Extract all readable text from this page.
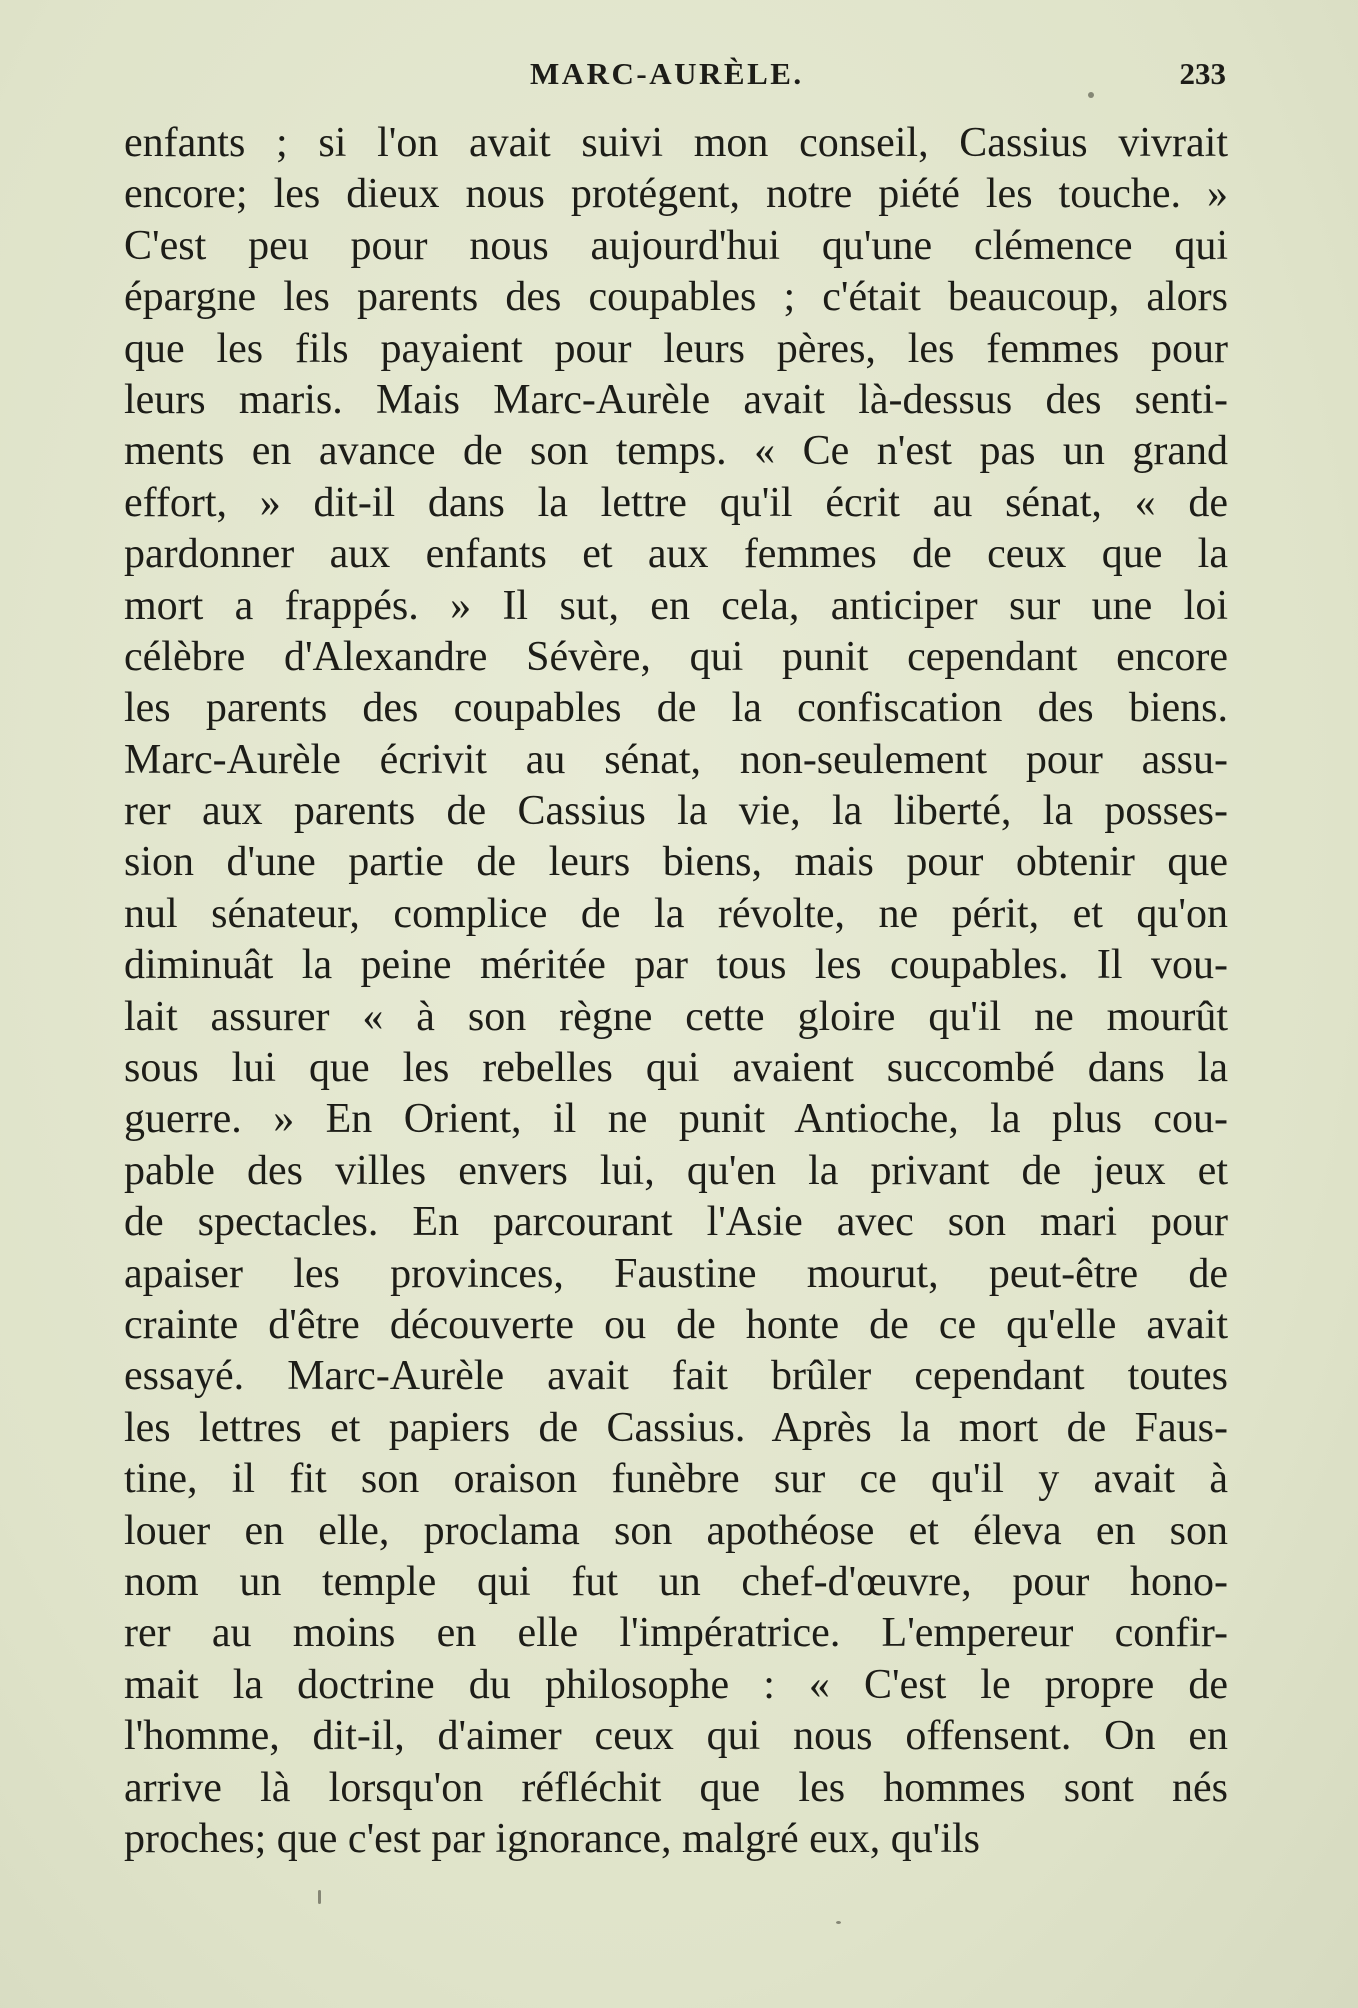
MARC-AURÈLE.	233
enfants ; si l'on avait suivi mon conseil, Cassius vivrait
encore; les dieux nous protégent, notre piété les touche. »
C'est peu pour nous aujourd'hui qu'une clémence qui
épargne les parents des coupables ; c'était beaucoup, alors
que les fils payaient pour leurs pères, les femmes pour
leurs maris. Mais Marc-Aurèle avait là-dessus des senti-
ments en avance de son temps. « Ce n'est pas un grand
effort, » dit-il dans la lettre qu'il écrit au sénat, « de
pardonner aux enfants et aux femmes de ceux que la
mort a frappés. » Il sut, en cela, anticiper sur une loi
célèbre d'Alexandre Sévère, qui punit cependant encore
les parents des coupables de la confiscation des biens.
Marc-Aurèle écrivit au sénat, non-seulement pour assu-
rer aux parents de Cassius la vie, la liberté, la posses-
sion d'une partie de leurs biens, mais pour obtenir que
nul sénateur, complice de la révolte, ne périt, et qu'on
diminuât la peine méritée par tous les coupables. Il vou-
lait assurer « à son règne cette gloire qu'il ne mourût
sous lui que les rebelles qui avaient succombé dans la
guerre. » En Orient, il ne punit Antioche, la plus cou-
pable des villes envers lui, qu'en la privant de jeux et
de spectacles. En parcourant l'Asie avec son mari pour
apaiser les provinces, Faustine mourut, peut-être de
crainte d'être découverte ou de honte de ce qu'elle avait
essayé. Marc-Aurèle avait fait brûler cependant toutes
les lettres et papiers de Cassius. Après la mort de Faus-
tine, il fit son oraison funèbre sur ce qu'il y avait à
louer en elle, proclama son apothéose et éleva en son
nom un temple qui fut un chef-d'œuvre, pour hono-
rer au moins en elle l'impératrice. L'empereur confir-
mait la doctrine du philosophe : « C'est le propre de
l'homme, dit-il, d'aimer ceux qui nous offensent. On en
arrive là lorsqu'on réfléchit que les hommes sont nés
proches; que c'est par ignorance, malgré eux, qu'ils
